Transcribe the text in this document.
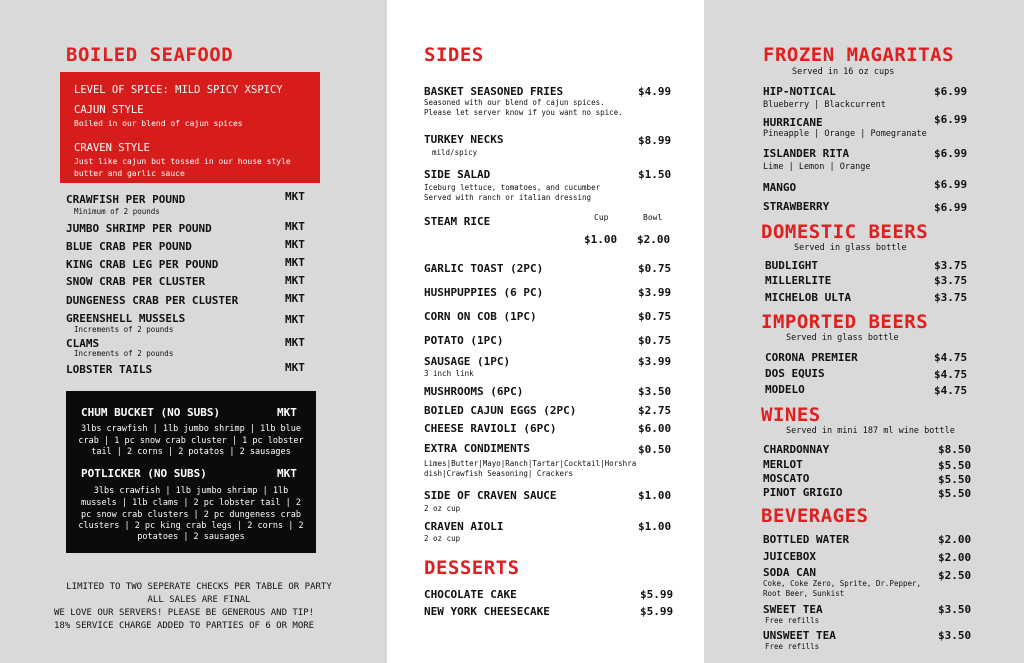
BOILED SEAFOOD
LEVEL OF SPICE: MILD SPICY XSPICY
CAJUN STYLE
Boiled in our blend of cajun spices
CRAVEN STYLE
Just like cajun but tossed in our house style
butter and garlic sauce
CRAWFISH PER POUND	MKT
Minimum of 2 pounds
JUMBO SHRIMP PER POUND	MKT
BLUE CRAB PER POUND	MKT
KING CRAB LEG PER POUND	MKT
SNOW CRAB PER CLUSTER	MKT
DUNGENESS CRAB PER CLUSTER	MKT
GREENSHELL MUSSELS	MKT
Increments of 2 pounds
CLAMS	MKT
Increments of 2 pounds
LOBSTER TAILS	MKT
CHUM BUCKET (NO SUBS)	MKT
3lbs crawfish | 1lb jumbo shrimp | 1lb blue
crab | 1 pc snow crab cluster | 1 pc lobster
tail | 2 corns | 2 potatos | 2 sausages
POTLICKER (NO SUBS)	MKT
3lbs crawfish | 1lb jumbo shrimp | 1lb
mussels | 1lb clams | 2 pc lobster tail | 2
pc snow crab clusters | 2 pc dungeness crab
clusters | 2 pc king crab legs | 2 corns | 2
potatoes | 2 sausages
LIMITED TO TWO SEPERATE CHECKS PER TABLE OR PARTY
ALL SALES ARE FINAL
WE LOVE OUR SERVERS! PLEASE BE GENEROUS AND TIP!
18% SERVICE CHARGE ADDED TO PARTIES OF 6 OR MORE
SIDES
BASKET SEASONED FRIES	$4.99
Seasoned with our blend of cajun spices.
Please let server know if you want no spice.
TURKEY NECKS	$8.99
mild/spicy
SIDE SALAD	$1.50
Iceburg lettuce, tomatoes, and cucumber
Served with ranch or italian dressing
STEAM RICE	Cup	Bowl
$1.00 $2.00
GARLIC TOAST (2PC)	$0.75
HUSHPUPPIES (6 PC)	$3.99
CORN ON COB (1PC)	$0.75
POTATO (1PC)	$0.75
SAUSAGE (1PC)	$3.99
3 inch link
MUSHROOMS (6PC)	$3.50
BOILED CAJUN EGGS (2PC)	$2.75
CHEESE RAVIOLI (6PC)	$6.00
EXTRA CONDIMENTS	$0.50
Limes|Butter|Mayo|Ranch|Tartar|Cocktail|Horshra
dish|Crawfish Seasoning| Crackers
SIDE OF CRAVEN SAUCE	$1.00
2 oz cup
CRAVEN AIOLI	$1.00
2 oz cup
DESSERTS
CHOCOLATE CAKE	$5.99
NEW YORK CHEESECAKE	$5.99
FROZEN MAGARITAS
Served in 16 oz cups
HIP-NOTICAL	$6.99
Blueberry | Blackcurrent
HURRICANE	$6.99
Pineapple | Orange | Pomegranate
ISLANDER RITA	$6.99
Lime | Lemon | Orange
MANGO	$6.99
STRAWBERRY	$6.99
DOMESTIC BEERS
Served in glass bottle
BUDLIGHT	$3.75
MILLERLITE	$3.75
MICHELOB ULTA	$3.75
IMPORTED BEERS
Served in glass bottle
CORONA PREMIER	$4.75
DOS EQUIS	$4.75
MODELO	$4.75
WINES
Served in mini 187 ml wine bottle
CHARDONNAY	$8.50
MERLOT	$5.50
MOSCATO	$5.50
PINOT GRIGIO	$5.50
BEVERAGES
BOTTLED WATER	$2.00
JUICEBOX	$2.00
SODA CAN	$2.50
Coke, Coke Zero, Sprite, Dr.Pepper,
Root Beer, Sunkist
SWEET TEA	$3.50
Free refills
UNSWEET TEA	$3.50
Free refills
